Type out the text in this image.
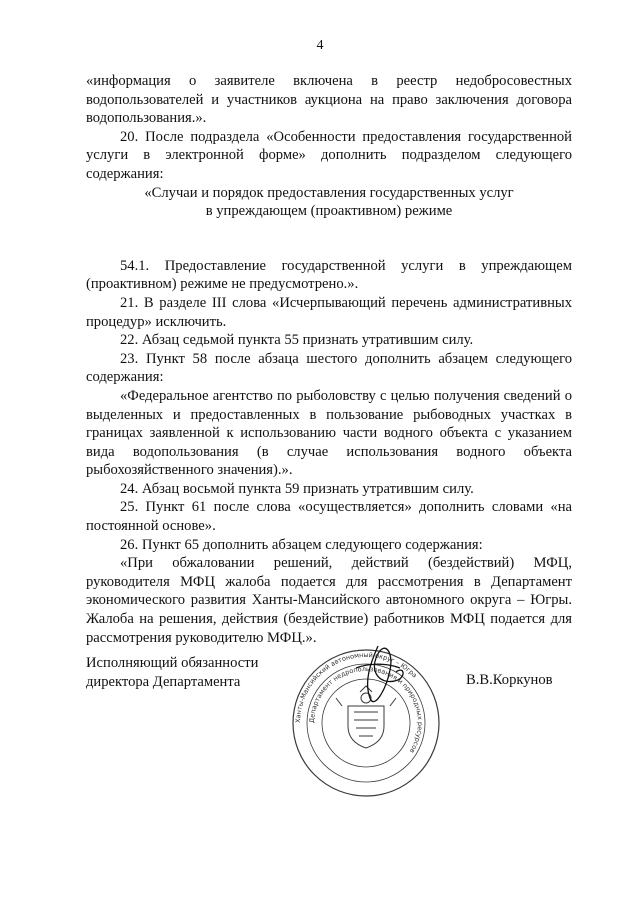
4

«информация о заявителе включена в реестр недобросовестных водопользователей и участников аукциона на право заключения договора водопользования.».

20. После подраздела «Особенности предоставления государственной услуги в электронной форме» дополнить подразделом следующего содержания:

«Случаи и порядок предоставления государственных услуг

в упреждающем (проактивном) режиме

54.1. Предоставление государственной услуги в упреждающем (проактивном) режиме не предусмотрено.».

21. В разделе III слова «Исчерпывающий перечень административных процедур» исключить.

22. Абзац седьмой пункта 55 признать утратившим силу.

23. Пункт 58 после абзаца шестого дополнить абзацем следующего содержания:

«Федеральное агентство по рыболовству с целью получения сведений о выделенных и предоставленных в пользование рыбоводных участках в границах заявленной к использованию части водного объекта с указанием вида водопользования (в случае использования водного объекта рыбохозяйственного значения).».

24. Абзац восьмой пункта 59 признать утратившим силу.

25. Пункт 61 после слова «осуществляется» дополнить словами «на постоянной основе».

26. Пункт 65 дополнить абзацем следующего содержания:

«При обжаловании решений, действий (бездействий) МФЦ, руководителя МФЦ жалоба подается для рассмотрения в Департамент экономического развития Ханты-Мансийского автономного округа – Югры. Жалоба на решения, действия (бездействие) работников МФЦ подается для рассмотрения руководителю МФЦ.».

Исполняющий обязанности
директора Департамента	В.В.Коркунов
Ханты-Мансийский автономный округ – Югра
Департамент недропользования и природных ресурсов
